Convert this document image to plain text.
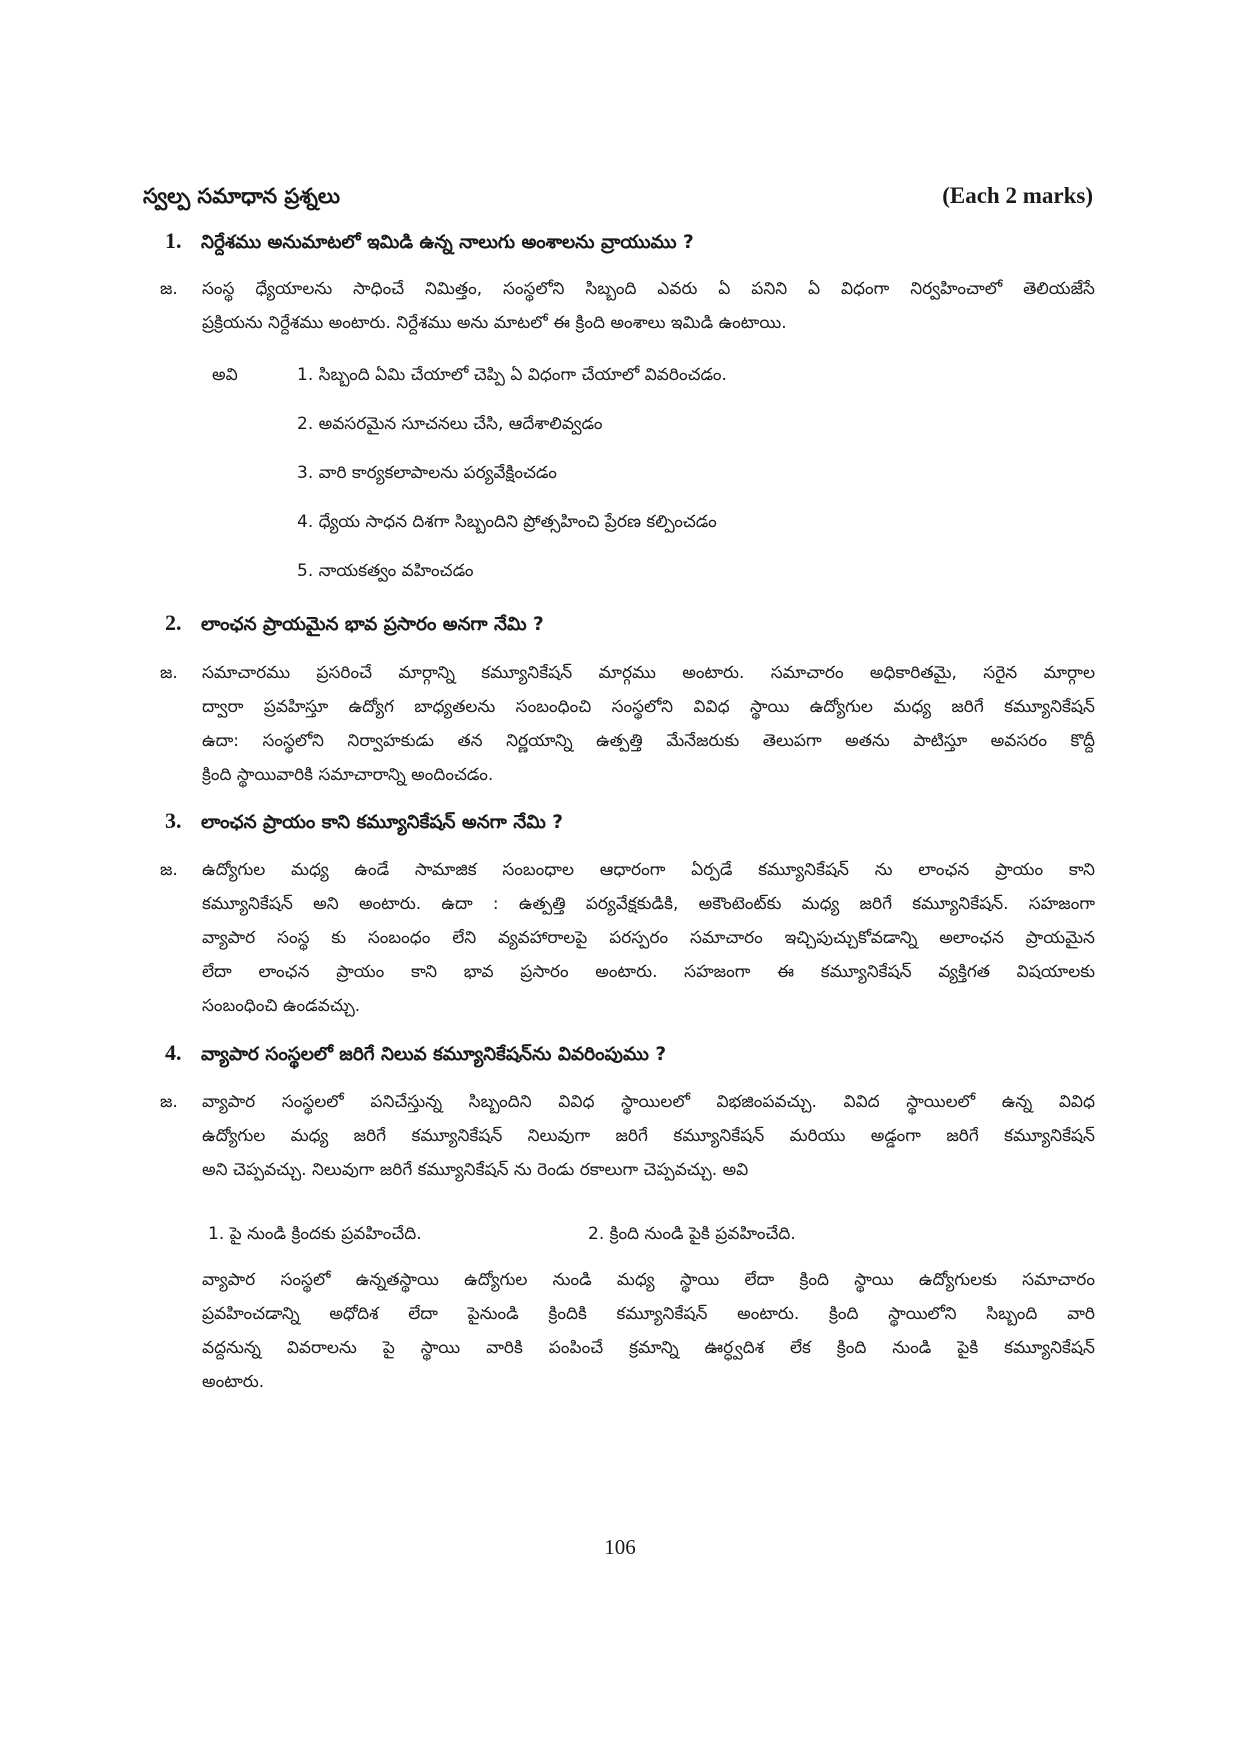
స్వల్ప సమాధాన ప్రశ్నలు	(Each 2 marks)
1.	నిర్దేశము అనుమాటలో ఇమిడి ఉన్న నాలుగు అంశాలను వ్రాయుము ?
జ.	సంస్థ ధ్యేయాలను సాధించే నిమిత్తం, సంస్థలోని సిబ్బంది ఎవరు ఏ పనిని ఏ విధంగా నిర్వహించాలో తెలియజేసే
ప్రక్రియను నిర్దేశము అంటారు. నిర్దేశము అను మాటలో ఈ క్రింది అంశాలు ఇమిడి ఉంటాయి.
అవి	1. సిబ్బంది ఏమి చేయాలో చెప్పి ఏ విధంగా చేయాలో వివరించడం.
2. అవసరమైన సూచనలు చేసి, ఆదేశాలివ్వడం
3. వారి కార్యకలాపాలను పర్యవేక్షించడం
4. ధ్యేయ సాధన దిశగా సిబ్బందిని ప్రోత్సహించి ప్రేరణ కల్పించడం
5. నాయకత్వం వహించడం
2.	లాంఛన ప్రాయమైన భావ ప్రసారం అనగా నేమి ?
జ.	సమాచారము ప్రసరించే మార్గాన్ని కమ్యూనికేషన్ మార్గము అంటారు. సమాచారం అధికారితమై, సరైన మార్గాల
ద్వారా ప్రవహిస్తూ ఉద్యోగ బాధ్యతలను సంబంధించి సంస్థలోని వివిధ స్థాయి ఉద్యోగుల మధ్య జరిగే కమ్యూనికేషన్
ఉదా: సంస్థలోని నిర్వాహకుడు తన నిర్ణయాన్ని ఉత్పత్తి మేనేజరుకు తెలుపగా అతను పాటిస్తూ అవసరం కొద్దీ
క్రింది స్థాయివారికి సమాచారాన్ని అందించడం.
3.	లాంఛన ప్రాయం కాని కమ్యూనికేషన్ అనగా నేమి ?
జ.	ఉద్యోగుల మధ్య ఉండే సామాజిక సంబంధాల ఆధారంగా ఏర్పడే కమ్యూనికేషన్ ను లాంఛన ప్రాయం కాని
కమ్యూనికేషన్ అని అంటారు. ఉదా : ఉత్పత్తి పర్యవేక్షకుడికి, అకౌంటెంట్‌కు మధ్య జరిగే కమ్యూనికేషన్. సహజంగా
వ్యాపార సంస్థ కు సంబంధం లేని వ్యవహారాలపై పరస్పరం సమాచారం ఇచ్చిపుచ్చుకోవడాన్ని అలాంఛన ప్రాయమైన
లేదా లాంఛన ప్రాయం కాని భావ ప్రసారం అంటారు. సహజంగా ఈ కమ్యూనికేషన్ వ్యక్తిగత విషయాలకు
సంబంధించి ఉండవచ్చు.
4.	వ్యాపార సంస్థలలో జరిగే నిలువ కమ్యూనికేషన్‌ను వివరింపుము ?
జ.	వ్యాపార సంస్థలలో పనిచేస్తున్న సిబ్బందిని వివిధ స్థాయిలలో విభజింపవచ్చు. వివిద స్థాయిలలో ఉన్న వివిధ
ఉద్యోగుల మధ్య జరిగే కమ్యూనికేషన్ నిలువుగా జరిగే కమ్యూనికేషన్ మరియు అడ్డంగా జరిగే కమ్యూనికేషన్
అని చెప్పవచ్చు. నిలువుగా జరిగే కమ్యూనికేషన్ ను రెండు రకాలుగా చెప్పవచ్చు. అవి
1. పై నుండి క్రిందకు ప్రవహించేది.	2. క్రింది నుండి పైకి ప్రవహించేది.
వ్యాపార సంస్థలో ఉన్నతస్థాయి ఉద్యోగుల నుండి మధ్య స్థాయి లేదా క్రింది స్థాయి ఉద్యోగులకు సమాచారం
ప్రవహించడాన్ని అధోదిశ లేదా పైనుండి క్రిందికి కమ్యూనికేషన్ అంటారు. క్రింది స్థాయిలోని సిబ్బంది వారి
వద్దనున్న వివరాలను పై స్థాయి వారికి పంపించే క్రమాన్ని ఊర్ధ్వదిశ లేక క్రింది నుండి పైకి కమ్యూనికేషన్
అంటారు.
106
